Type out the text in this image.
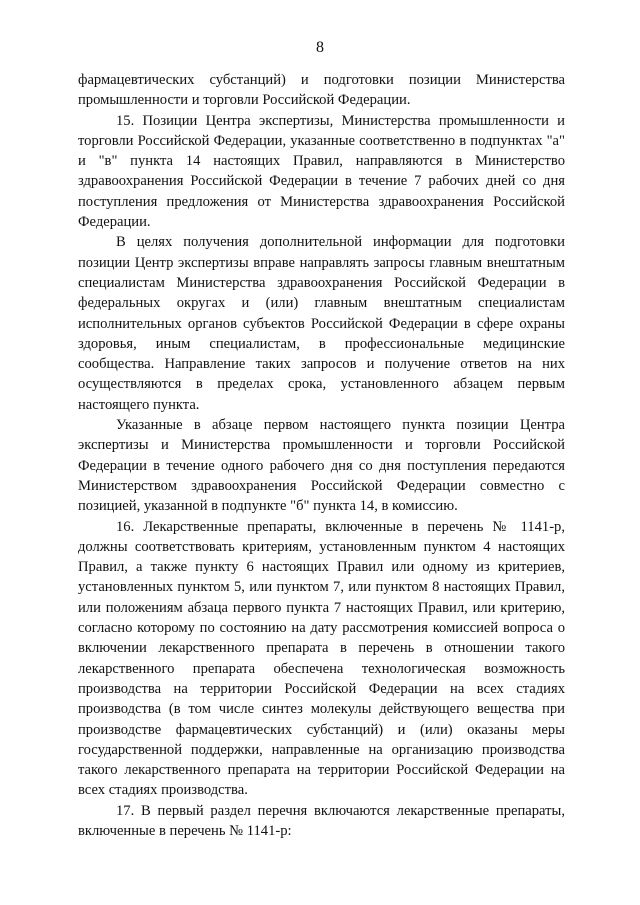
8

фармацевтических субстанций) и подготовки позиции Министерства промышленности и торговли Российской Федерации.

15. Позиции Центра экспертизы, Министерства промышленности и торговли Российской Федерации, указанные соответственно в подпунктах "а" и "в" пункта 14 настоящих Правил, направляются в Министерство здравоохранения Российской Федерации в течение 7 рабочих дней со дня поступления предложения от Министерства здравоохранения Российской Федерации.

В целях получения дополнительной информации для подготовки позиции Центр экспертизы вправе направлять запросы главным внештатным специалистам Министерства здравоохранения Российской Федерации в федеральных округах и (или) главным внештатным специалистам исполнительных органов субъектов Российской Федерации в сфере охраны здоровья, иным специалистам, в профессиональные медицинские сообщества. Направление таких запросов и получение ответов на них осуществляются в пределах срока, установленного абзацем первым настоящего пункта.

Указанные в абзаце первом настоящего пункта позиции Центра экспертизы и Министерства промышленности и торговли Российской Федерации в течение одного рабочего дня со дня поступления передаются Министерством здравоохранения Российской Федерации совместно с позицией, указанной в подпункте "б" пункта 14, в комиссию.

16. Лекарственные препараты, включенные в перечень № 1141-р, должны соответствовать критериям, установленным пунктом 4 настоящих Правил, а также пункту 6 настоящих Правил или одному из критериев, установленных пунктом 5, или пунктом 7, или пунктом 8 настоящих Правил, или положениям абзаца первого пункта 7 настоящих Правил, или критерию, согласно которому по состоянию на дату рассмотрения комиссией вопроса о включении лекарственного препарата в перечень в отношении такого лекарственного препарата обеспечена технологическая возможность производства на территории Российской Федерации на всех стадиях производства (в том числе синтез молекулы действующего вещества при производстве фармацевтических субстанций) и (или) оказаны меры государственной поддержки, направленные на организацию производства такого лекарственного препарата на территории Российской Федерации на всех стадиях производства.

17. В первый раздел перечня включаются лекарственные препараты, включенные в перечень № 1141-р:
